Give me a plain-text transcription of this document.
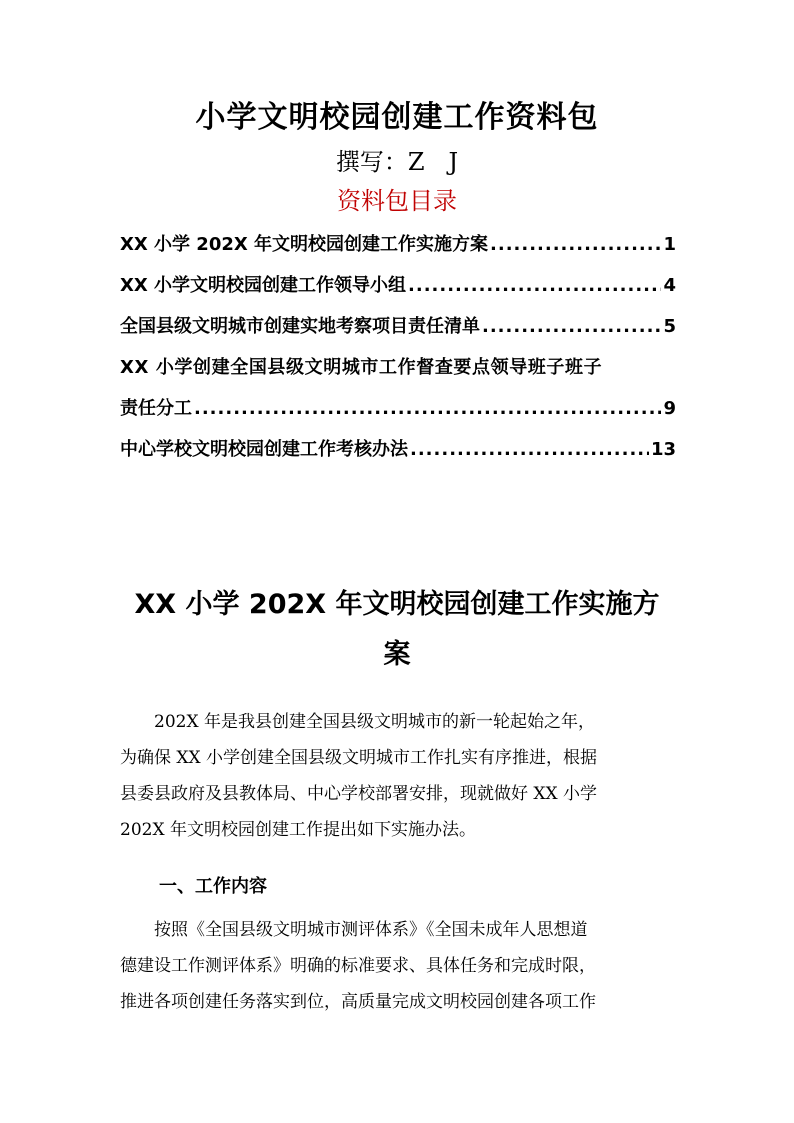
小学文明校园创建工作资料包
撰写：Z　J
资料包目录
XX 小学 202X 年文明校园创建工作实施方案 .....	1
XX 小学文明校园创建工作领导小组 .....	4
全国县级文明城市创建实地考察项目责任清单 .....	5
XX 小学创建全国县级文明城市工作督查要点领导班子班子
责任分工 .....	9
中心学校文明校园创建工作考核办法 .....	13
XX 小学 202X 年文明校园创建工作实施方
案
　　202X 年是我县创建全国县级文明城市的新一轮起始之年，
为确保 XX 小学创建全国县级文明城市工作扎实有序推进，根据
县委县政府及县教体局、中心学校部署安排，现就做好 XX 小学
202X 年文明校园创建工作提出如下实施办法。
一、工作内容
　　按照《全国县级文明城市测评体系》《全国未成年人思想道
德建设工作测评体系》明确的标准要求、具体任务和完成时限，
推进各项创建任务落实到位，高质量完成文明校园创建各项工作
